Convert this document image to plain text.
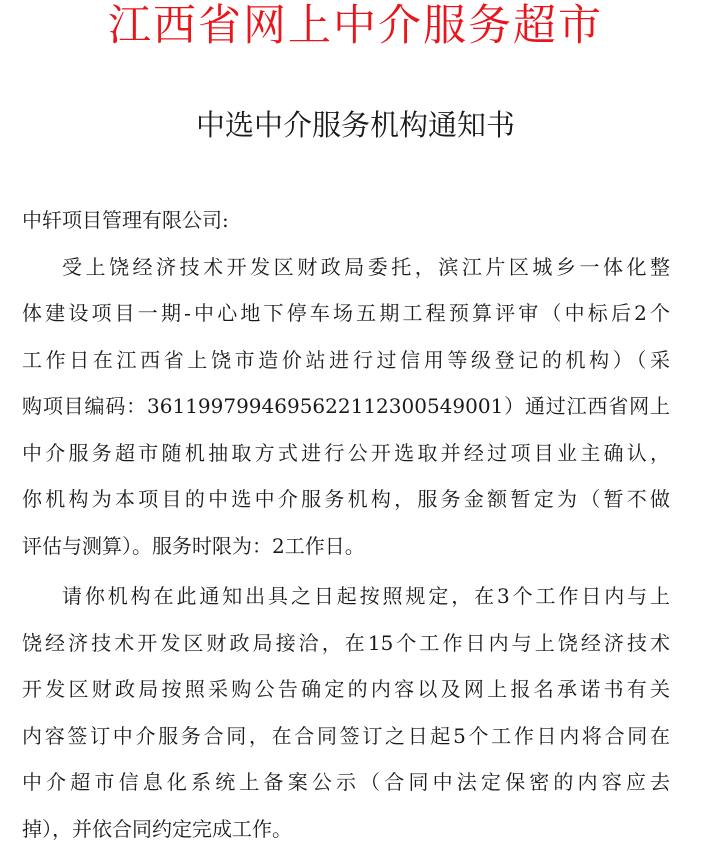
江西省网上中介服务超市
中选中介服务机构通知书

中轩项目管理有限公司:

受上饶经济技术开发区财政局委托，滨江片区城乡一体化整
体建设项目一期-中心地下停车场五期工程预算评审（中标后2个
工作日在江西省上饶市造价站进行过信用等级登记的机构）（采
购项目编码：3611997994695622112300549001）通过江西省网上
中介服务超市随机抽取方式进行公开选取并经过项目业主确认，
你机构为本项目的中选中介服务机构，服务金额暂定为（暂不做
评估与测算）。服务时限为：2工作日。

请你机构在此通知出具之日起按照规定，在3个工作日内与上
饶经济技术开发区财政局接洽，在15个工作日内与上饶经济技术
开发区财政局按照采购公告确定的内容以及网上报名承诺书有关
内容签订中介服务合同，在合同签订之日起5个工作日内将合同在
中介超市信息化系统上备案公示（合同中法定保密的内容应去
掉），并依合同约定完成工作。
